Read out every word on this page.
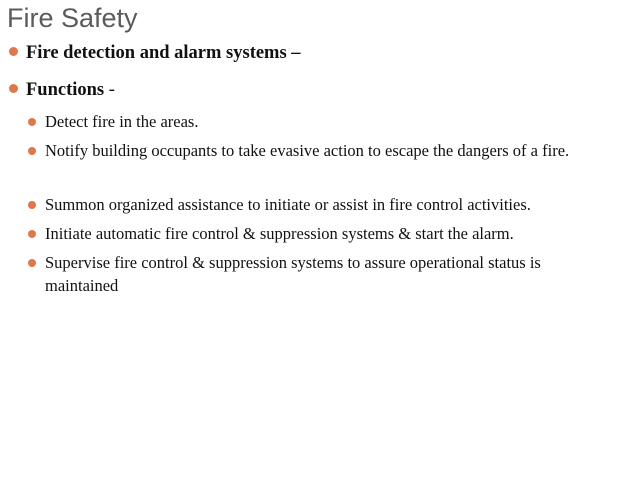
Fire Safety
Fire detection and alarm systems –
Functions -
Detect fire in the areas.
Notify building occupants to take evasive action to escape the dangers of a fire.
Summon organized assistance to initiate or assist in fire control activities.
Initiate automatic fire control & suppression systems & start the alarm.
Supervise fire control & suppression systems to assure operational status is maintained
